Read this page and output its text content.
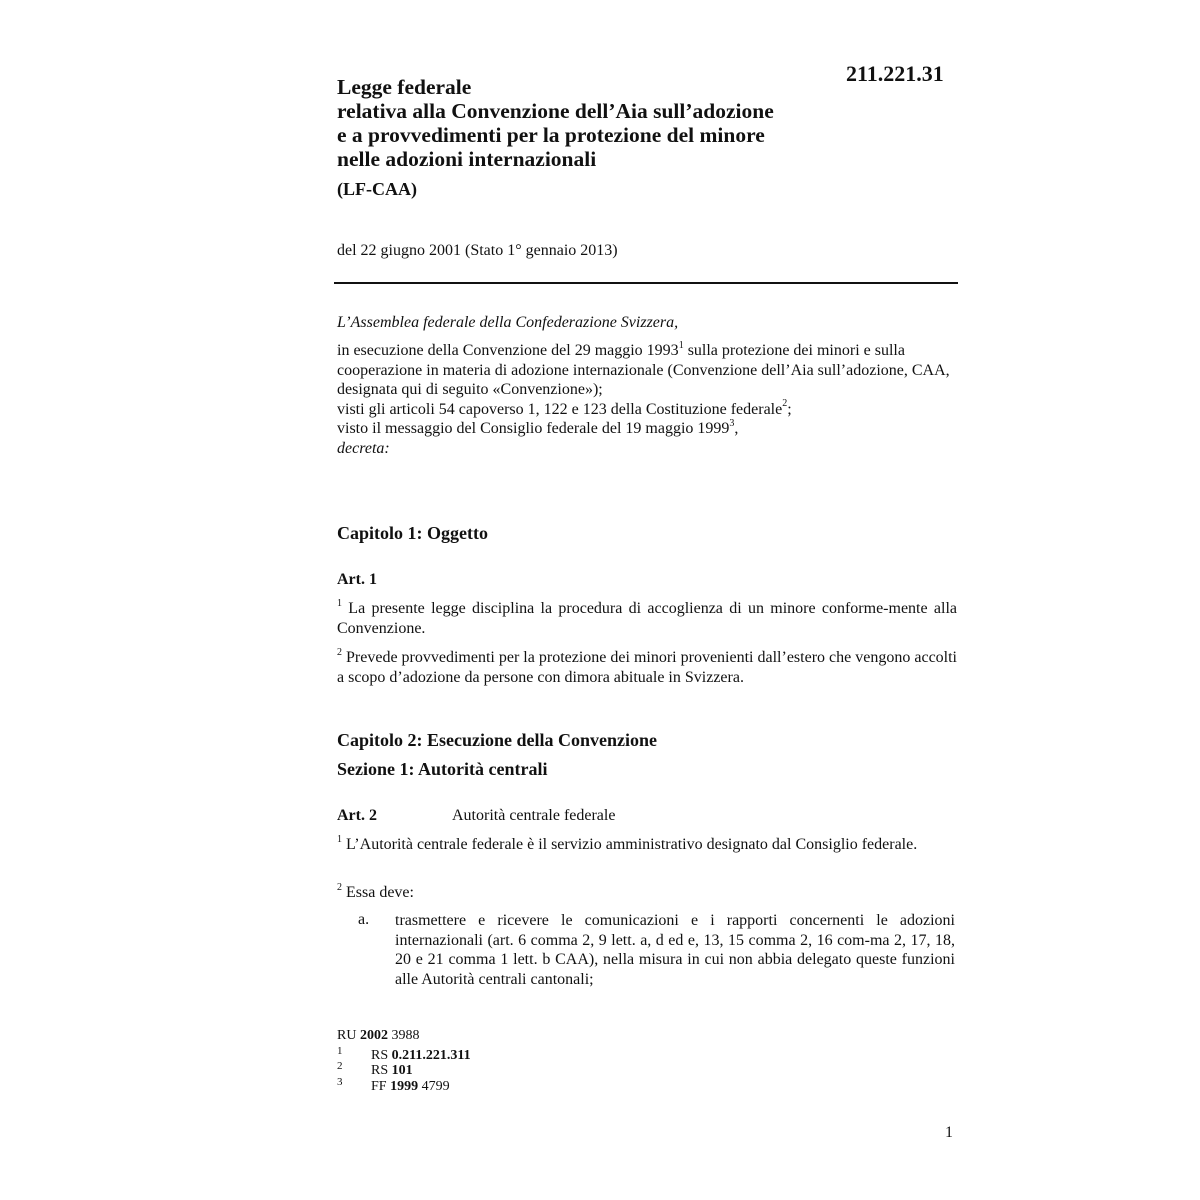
211.221.31
Legge federale
relativa alla Convenzione dell’Aia sull’adozione
e a provvedimenti per la protezione del minore
nelle adozioni internazionali
(LF-CAA)
del 22 giugno 2001 (Stato 1° gennaio 2013)
L’Assemblea federale della Confederazione Svizzera,
in esecuzione della Convenzione del 29 maggio 1993$^1$ sulla protezione dei minori e sulla cooperazione in materia di adozione internazionale (Convenzione dell’Aia sull’adozione, CAA, designata qui di seguito «Convenzione»);
visti gli articoli 54 capoverso 1, 122 e 123 della Costituzione federale$^2$;
visto il messaggio del Consiglio federale del 19 maggio 1999$^3$,
decreta:
Capitolo 1: Oggetto
Art. 1
$^1$ La presente legge disciplina la procedura di accoglienza di un minore conforme-mente alla Convenzione.
$^2$ Prevede provvedimenti per la protezione dei minori provenienti dall’estero che vengono accolti a scopo d’adozione da persone con dimora abituale in Svizzera.
Capitolo 2: Esecuzione della Convenzione
Sezione 1: Autorità centrali
Art. 2	Autorità centrale federale
$^1$ L’Autorità centrale federale è il servizio amministrativo designato dal Consiglio federale.
$^2$ Essa deve:
a. trasmettere e ricevere le comunicazioni e i rapporti concernenti le adozioni internazionali (art. 6 comma 2, 9 lett. a, d ed e, 13, 15 comma 2, 16 com-ma 2, 17, 18, 20 e 21 comma 1 lett. b CAA), nella misura in cui non abbia delegato queste funzioni alle Autorità centrali cantonali;
RU 2002 3988
1 RS 0.211.221.311
2 RS 101
3 FF 1999 4799
1
